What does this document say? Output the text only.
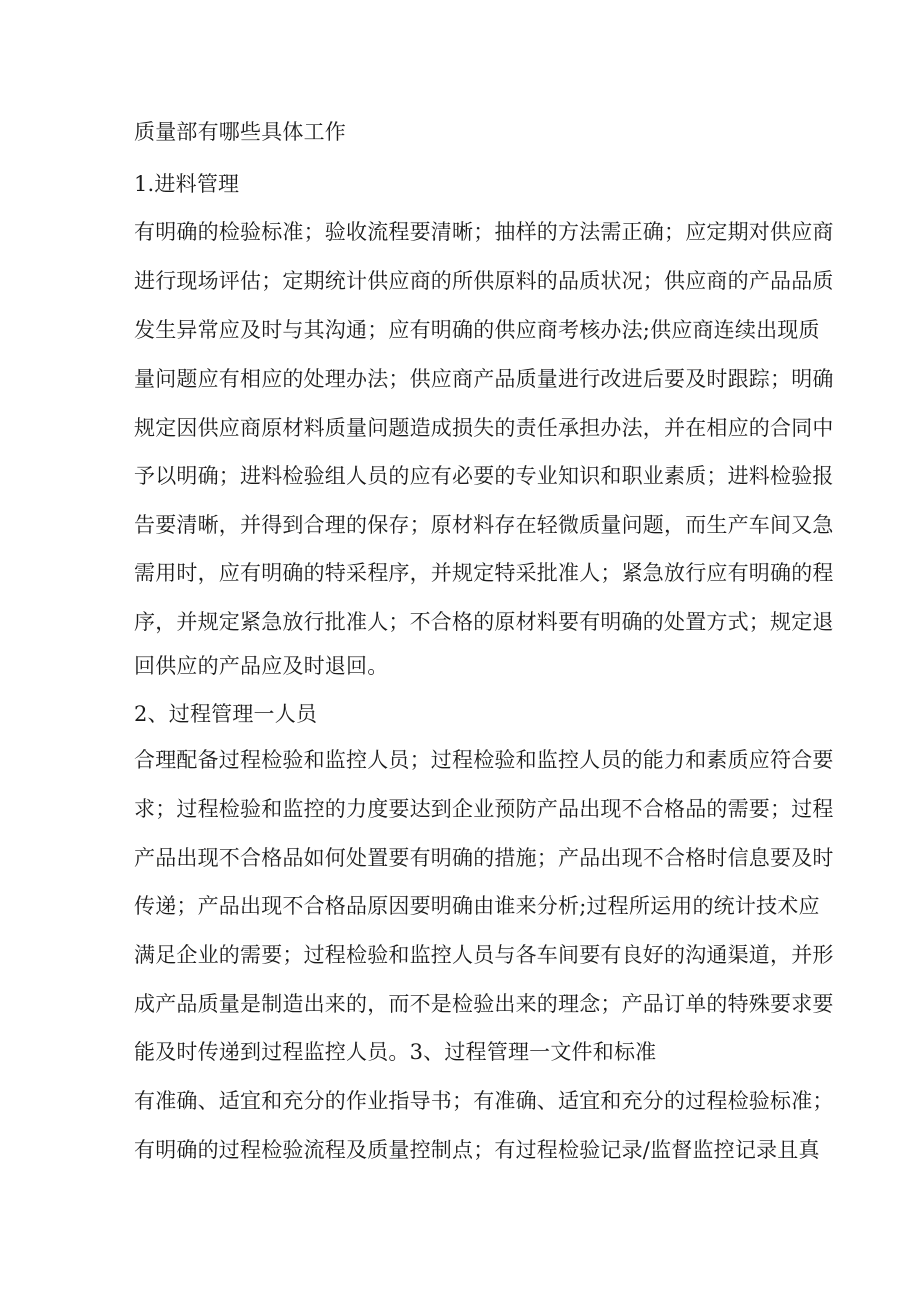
质量部有哪些具体工作
1.进料管理
有明确的检验标准；验收流程要清晰；抽样的方法需正确；应定期对供应商
进行现场评估；定期统计供应商的所供原料的品质状况；供应商的产品品质
发生异常应及时与其沟通；应有明确的供应商考核办法;供应商连续出现质
量问题应有相应的处理办法；供应商产品质量进行改进后要及时跟踪；明确
规定因供应商原材料质量问题造成损失的责任承担办法，并在相应的合同中
予以明确；进料检验组人员的应有必要的专业知识和职业素质；进料检验报
告要清晰，并得到合理的保存；原材料存在轻微质量问题，而生产车间又急
需用时，应有明确的特采程序，并规定特采批准人；紧急放行应有明确的程
序，并规定紧急放行批准人；不合格的原材料要有明确的处置方式；规定退
回供应的产品应及时退回。
2、过程管理一人员
合理配备过程检验和监控人员；过程检验和监控人员的能力和素质应符合要
求；过程检验和监控的力度要达到企业预防产品出现不合格品的需要；过程
产品出现不合格品如何处置要有明确的措施；产品出现不合格时信息要及时
传递；产品出现不合格品原因要明确由谁来分析;过程所运用的统计技术应
满足企业的需要；过程检验和监控人员与各车间要有良好的沟通渠道，并形
成产品质量是制造出来的，而不是检验出来的理念；产品订单的特殊要求要
能及时传递到过程监控人员。3、过程管理一文件和标准
有准确、适宜和充分的作业指导书；有准确、适宜和充分的过程检验标准；
有明确的过程检验流程及质量控制点；有过程检验记录/监督监控记录且真
